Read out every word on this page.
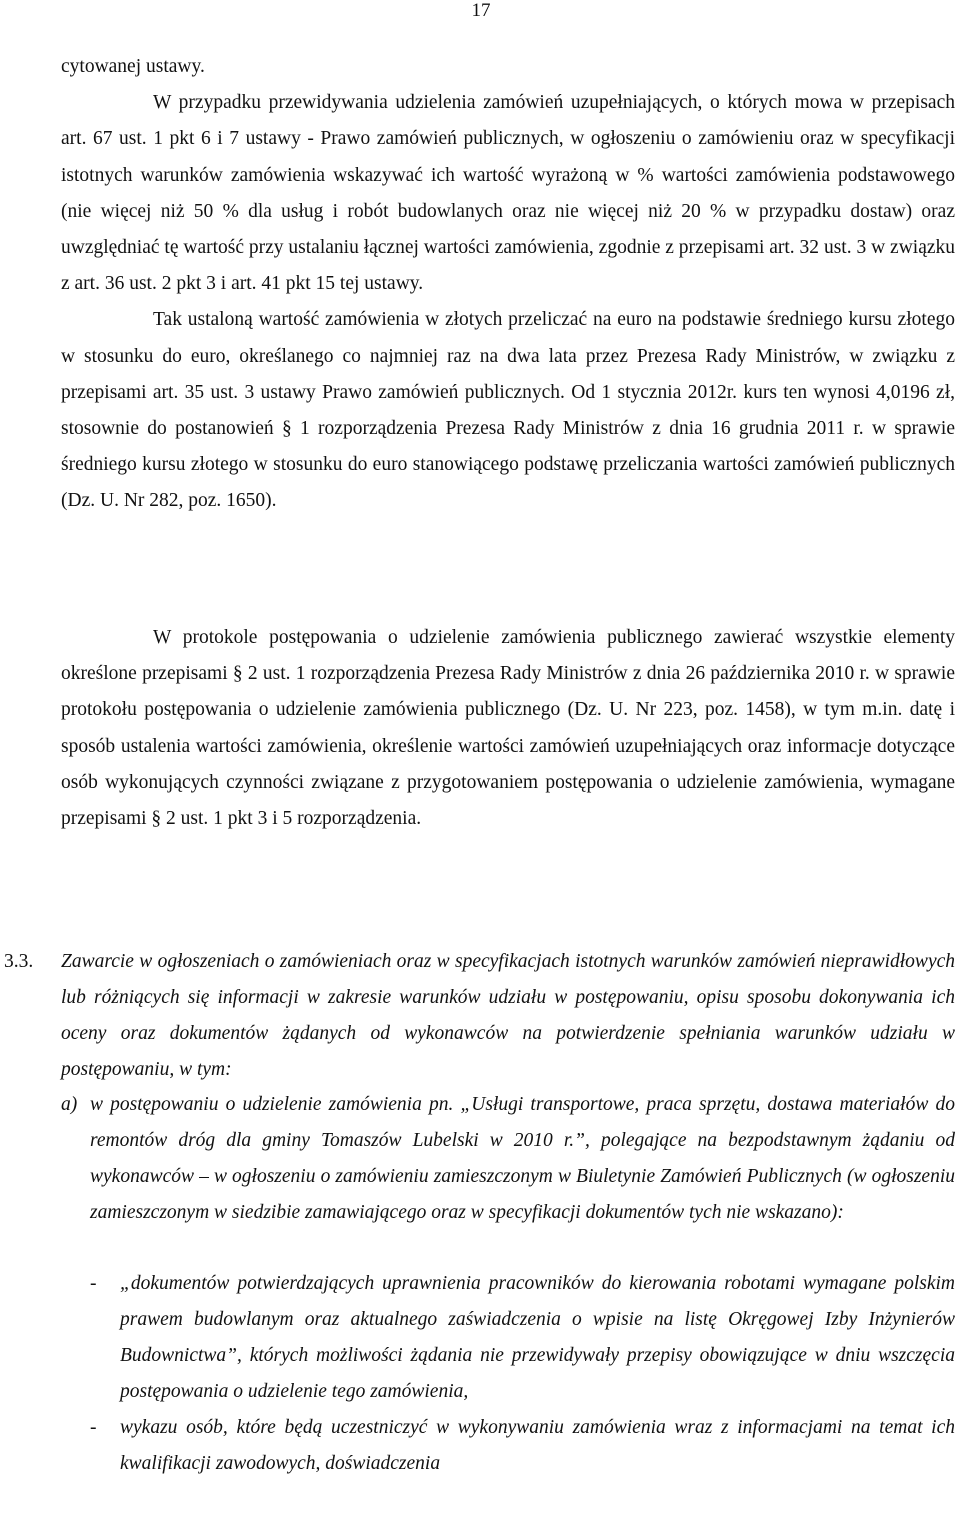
17

cytowanej ustawy.

W przypadku przewidywania udzielenia zamówień uzupełniających, o których mowa w przepisach art. 67 ust. 1 pkt 6 i 7 ustawy - Prawo zamówień publicznych, w ogłoszeniu o zamówieniu oraz w specyfikacji istotnych warunków zamówienia wskazywać ich wartość wyrażoną w % wartości zamówienia podstawowego (nie więcej niż 50 % dla usług i robót budowlanych oraz nie więcej niż 20 % w przypadku dostaw) oraz uwzględniać tę wartość przy ustalaniu łącznej wartości zamówienia, zgodnie z przepisami art. 32 ust. 3 w związku z art. 36 ust. 2 pkt 3 i art. 41 pkt 15 tej ustawy.

Tak ustaloną wartość zamówienia w złotych przeliczać na euro na podstawie średniego kursu złotego w stosunku do euro, określanego co najmniej raz na dwa lata przez Prezesa Rady Ministrów, w związku z przepisami art. 35 ust. 3 ustawy Prawo zamówień publicznych. Od 1 stycznia 2012r. kurs ten wynosi 4,0196 zł, stosownie do postanowień § 1 rozporządzenia Prezesa Rady Ministrów z dnia 16 grudnia 2011 r. w sprawie średniego kursu złotego w stosunku do euro stanowiącego podstawę przeliczania wartości zamówień publicznych (Dz. U. Nr 282, poz. 1650).

W protokole postępowania o udzielenie zamówienia publicznego zawierać wszystkie elementy określone przepisami § 2 ust. 1 rozporządzenia Prezesa Rady Ministrów z dnia 26 października 2010 r. w sprawie protokołu postępowania o udzielenie zamówienia publicznego (Dz. U. Nr 223, poz. 1458), w tym m.in. datę i sposób ustalenia wartości zamówienia, określenie wartości zamówień uzupełniających oraz informacje dotyczące osób wykonujących czynności związane z przygotowaniem postępowania o udzielenie zamówienia, wymagane przepisami § 2 ust. 1 pkt 3 i 5 rozporządzenia.

3.3. Zawarcie w ogłoszeniach o zamówieniach oraz w specyfikacjach istotnych warunków zamówień nieprawidłowych lub różniących się informacji w zakresie warunków udziału w postępowaniu, opisu sposobu dokonywania ich oceny oraz dokumentów żądanych od wykonawców na potwierdzenie spełniania warunków udziału w postępowaniu, w tym:

a) w postępowaniu o udzielenie zamówienia pn. „Usługi transportowe, praca sprzętu, dostawa materiałów do remontów dróg dla gminy Tomaszów Lubelski w 2010 r.”, polegające na bezpodstawnym żądaniu od wykonawców – w ogłoszeniu o zamówieniu zamieszczonym w Biuletynie Zamówień Publicznych (w ogłoszeniu zamieszczonym w siedzibie zamawiającego oraz w specyfikacji dokumentów tych nie wskazano):

- „dokumentów potwierdzających uprawnienia pracowników do kierowania robotami wymagane polskim prawem budowlanym oraz aktualnego zaświadczenia o wpisie na listę Okręgowej Izby Inżynierów Budownictwa”, których możliwości żądania nie przewidywały przepisy obowiązujące w dniu wszczęcia postępowania o udzielenie tego zamówienia,
- wykazu osób, które będą uczestniczyć w wykonywaniu zamówienia wraz z informacjami na temat ich kwalifikacji zawodowych, doświadczenia
